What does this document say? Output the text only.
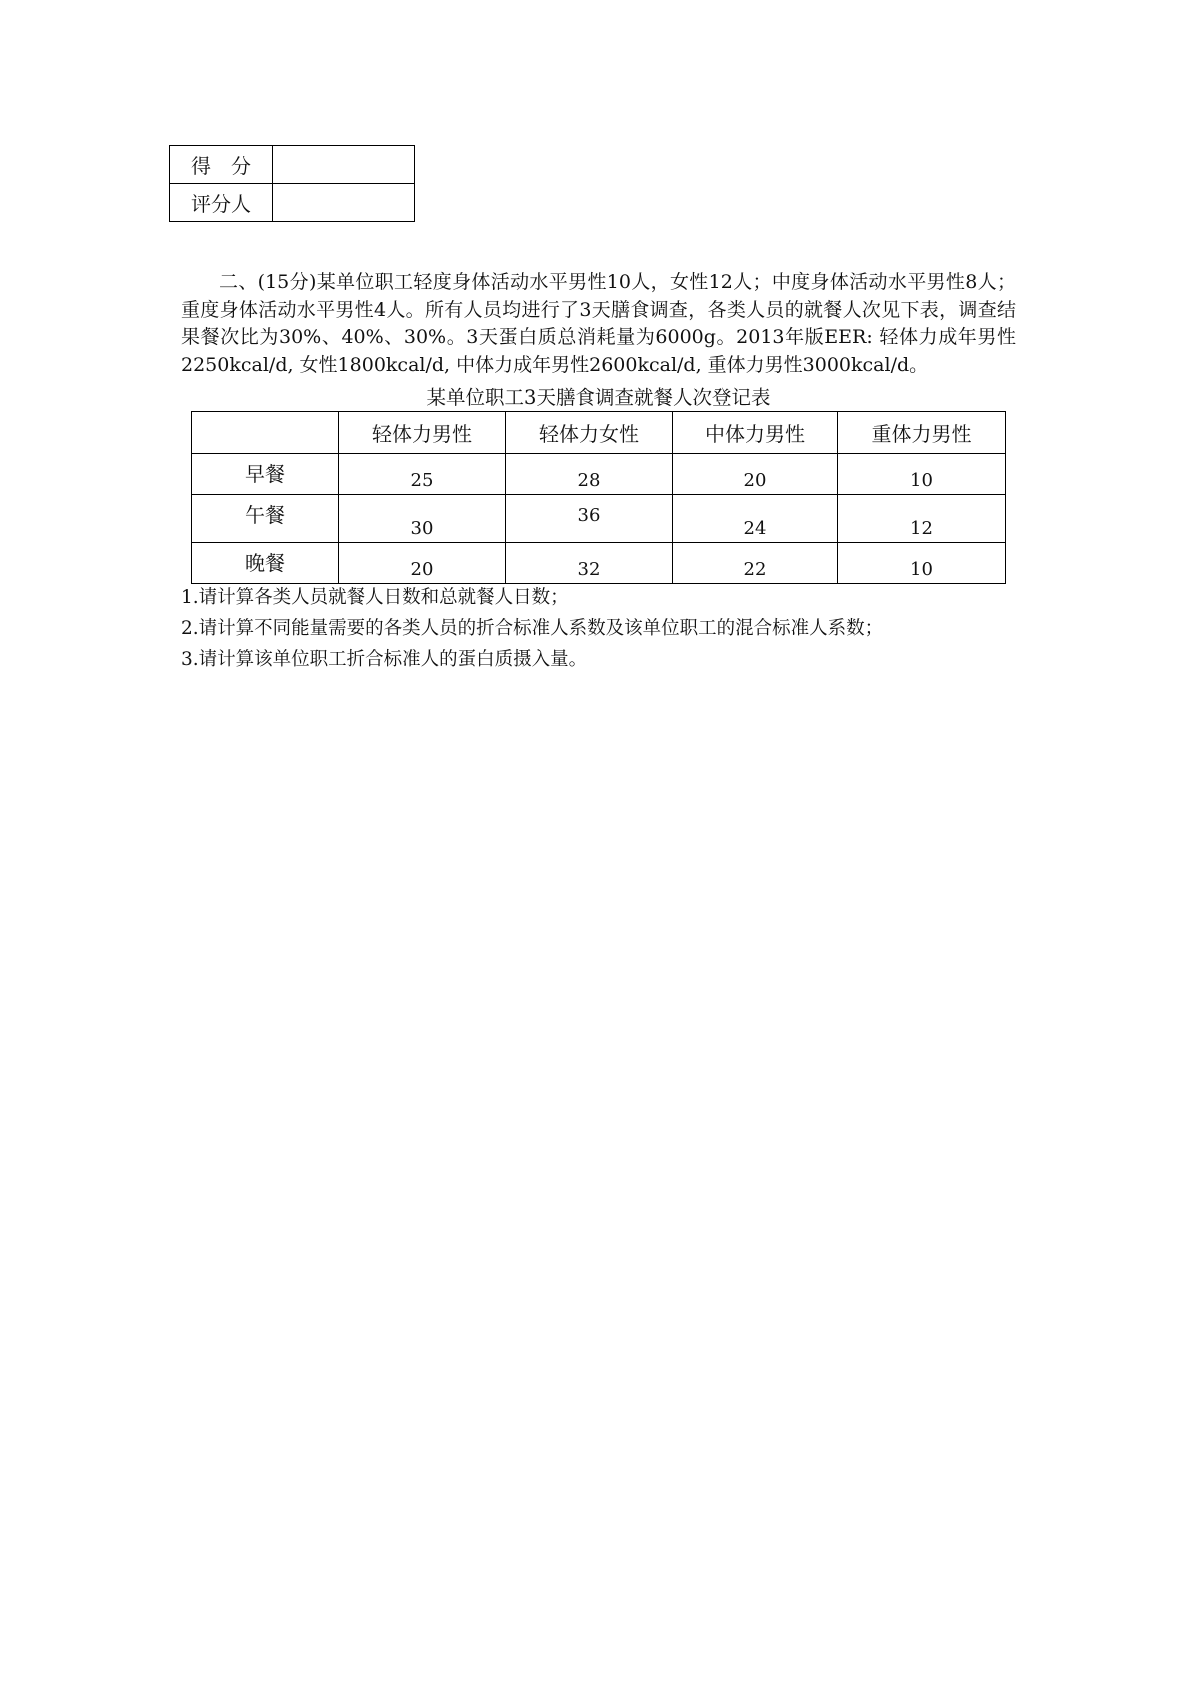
得　分	
评分人	

二、(15分)某单位职工轻度身体活动水平男性10人，女性12人；中度身体活动水平男性8人；重度身体活动水平男性4人。所有人员均进行了3天膳食调查，各类人员的就餐人次见下表，调查结果餐次比为30%、40%、30%。3天蛋白质总消耗量为6000g。2013年版EER: 轻体力成年男性2250kcal/d, 女性1800kcal/d, 中体力成年男性2600kcal/d, 重体力男性3000kcal/d。

某单位职工3天膳食调查就餐人次登记表
	轻体力男性	轻体力女性	中体力男性	重体力男性
早餐	25	28	20	10
午餐	30	36	24	12
晚餐	20	32	22	10
1.请计算各类人员就餐人日数和总就餐人日数；
2.请计算不同能量需要的各类人员的折合标准人系数及该单位职工的混合标准人系数；
3.请计算该单位职工折合标准人的蛋白质摄入量。
